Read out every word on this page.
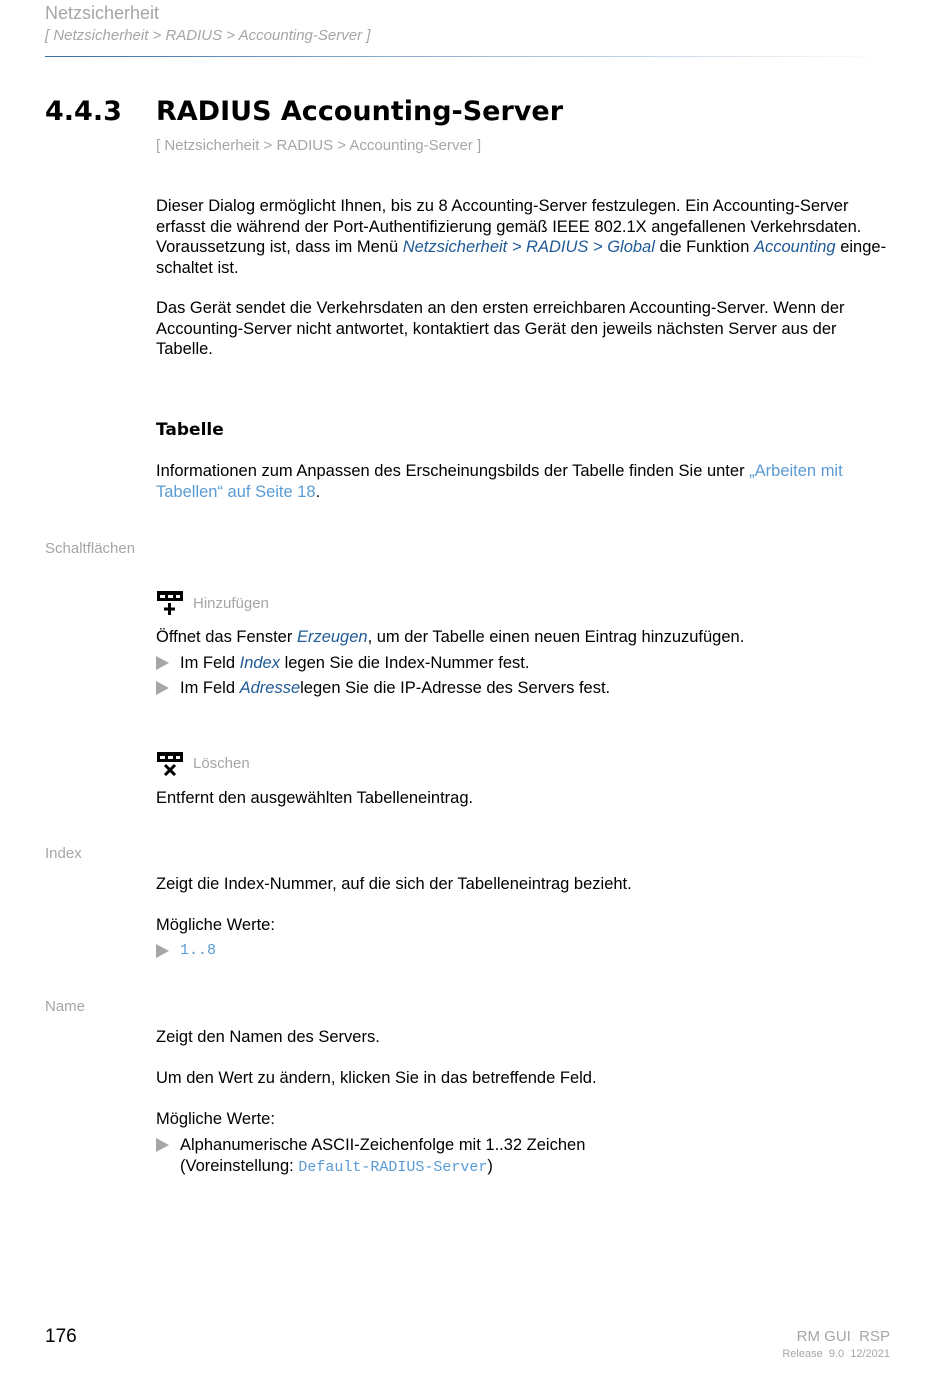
Netzsicherheit
[ Netzsicherheit > RADIUS > Accounting-Server ]
4.4.3 RADIUS Accounting-Server
[ Netzsicherheit > RADIUS > Accounting-Server ]

Dieser Dialog ermöglicht Ihnen, bis zu 8 Accounting-Server festzulegen. Ein Accounting-Server erfasst die während der Port-Authentifizierung gemäß IEEE 802.1X angefallenen Verkehrsdaten. Voraussetzung ist, dass im Menü Netzsicherheit > RADIUS > Global die Funktion Accounting einge-schaltet ist.

Das Gerät sendet die Verkehrsdaten an den ersten erreichbaren Accounting-Server. Wenn der Accounting-Server nicht antwortet, kontaktiert das Gerät den jeweils nächsten Server aus der Tabelle.

Tabelle

Informationen zum Anpassen des Erscheinungsbilds der Tabelle finden Sie unter „Arbeiten mit Tabellen“ auf Seite 18.

Schaltflächen
Hinzufügen

Öffnet das Fenster Erzeugen, um der Tabelle einen neuen Eintrag hinzuzufügen.

Im Feld Index legen Sie die Index-Nummer fest.
Im Feld Adresselegen Sie die IP-Adresse des Servers fest.
Löschen

Entfernt den ausgewählten Tabelleneintrag.

Index

Zeigt die Index-Nummer, auf die sich der Tabelleneintrag bezieht.

Mögliche Werte:

1..8
Name

Zeigt den Namen des Servers.

Um den Wert zu ändern, klicken Sie in das betreffende Feld.

Mögliche Werte:

Alphanumerische ASCII-Zeichenfolge mit 1..32 Zeichen
(Voreinstellung: Default-RADIUS-Server)
176	RM GUI  RSP
Release  9.0  12/2021
